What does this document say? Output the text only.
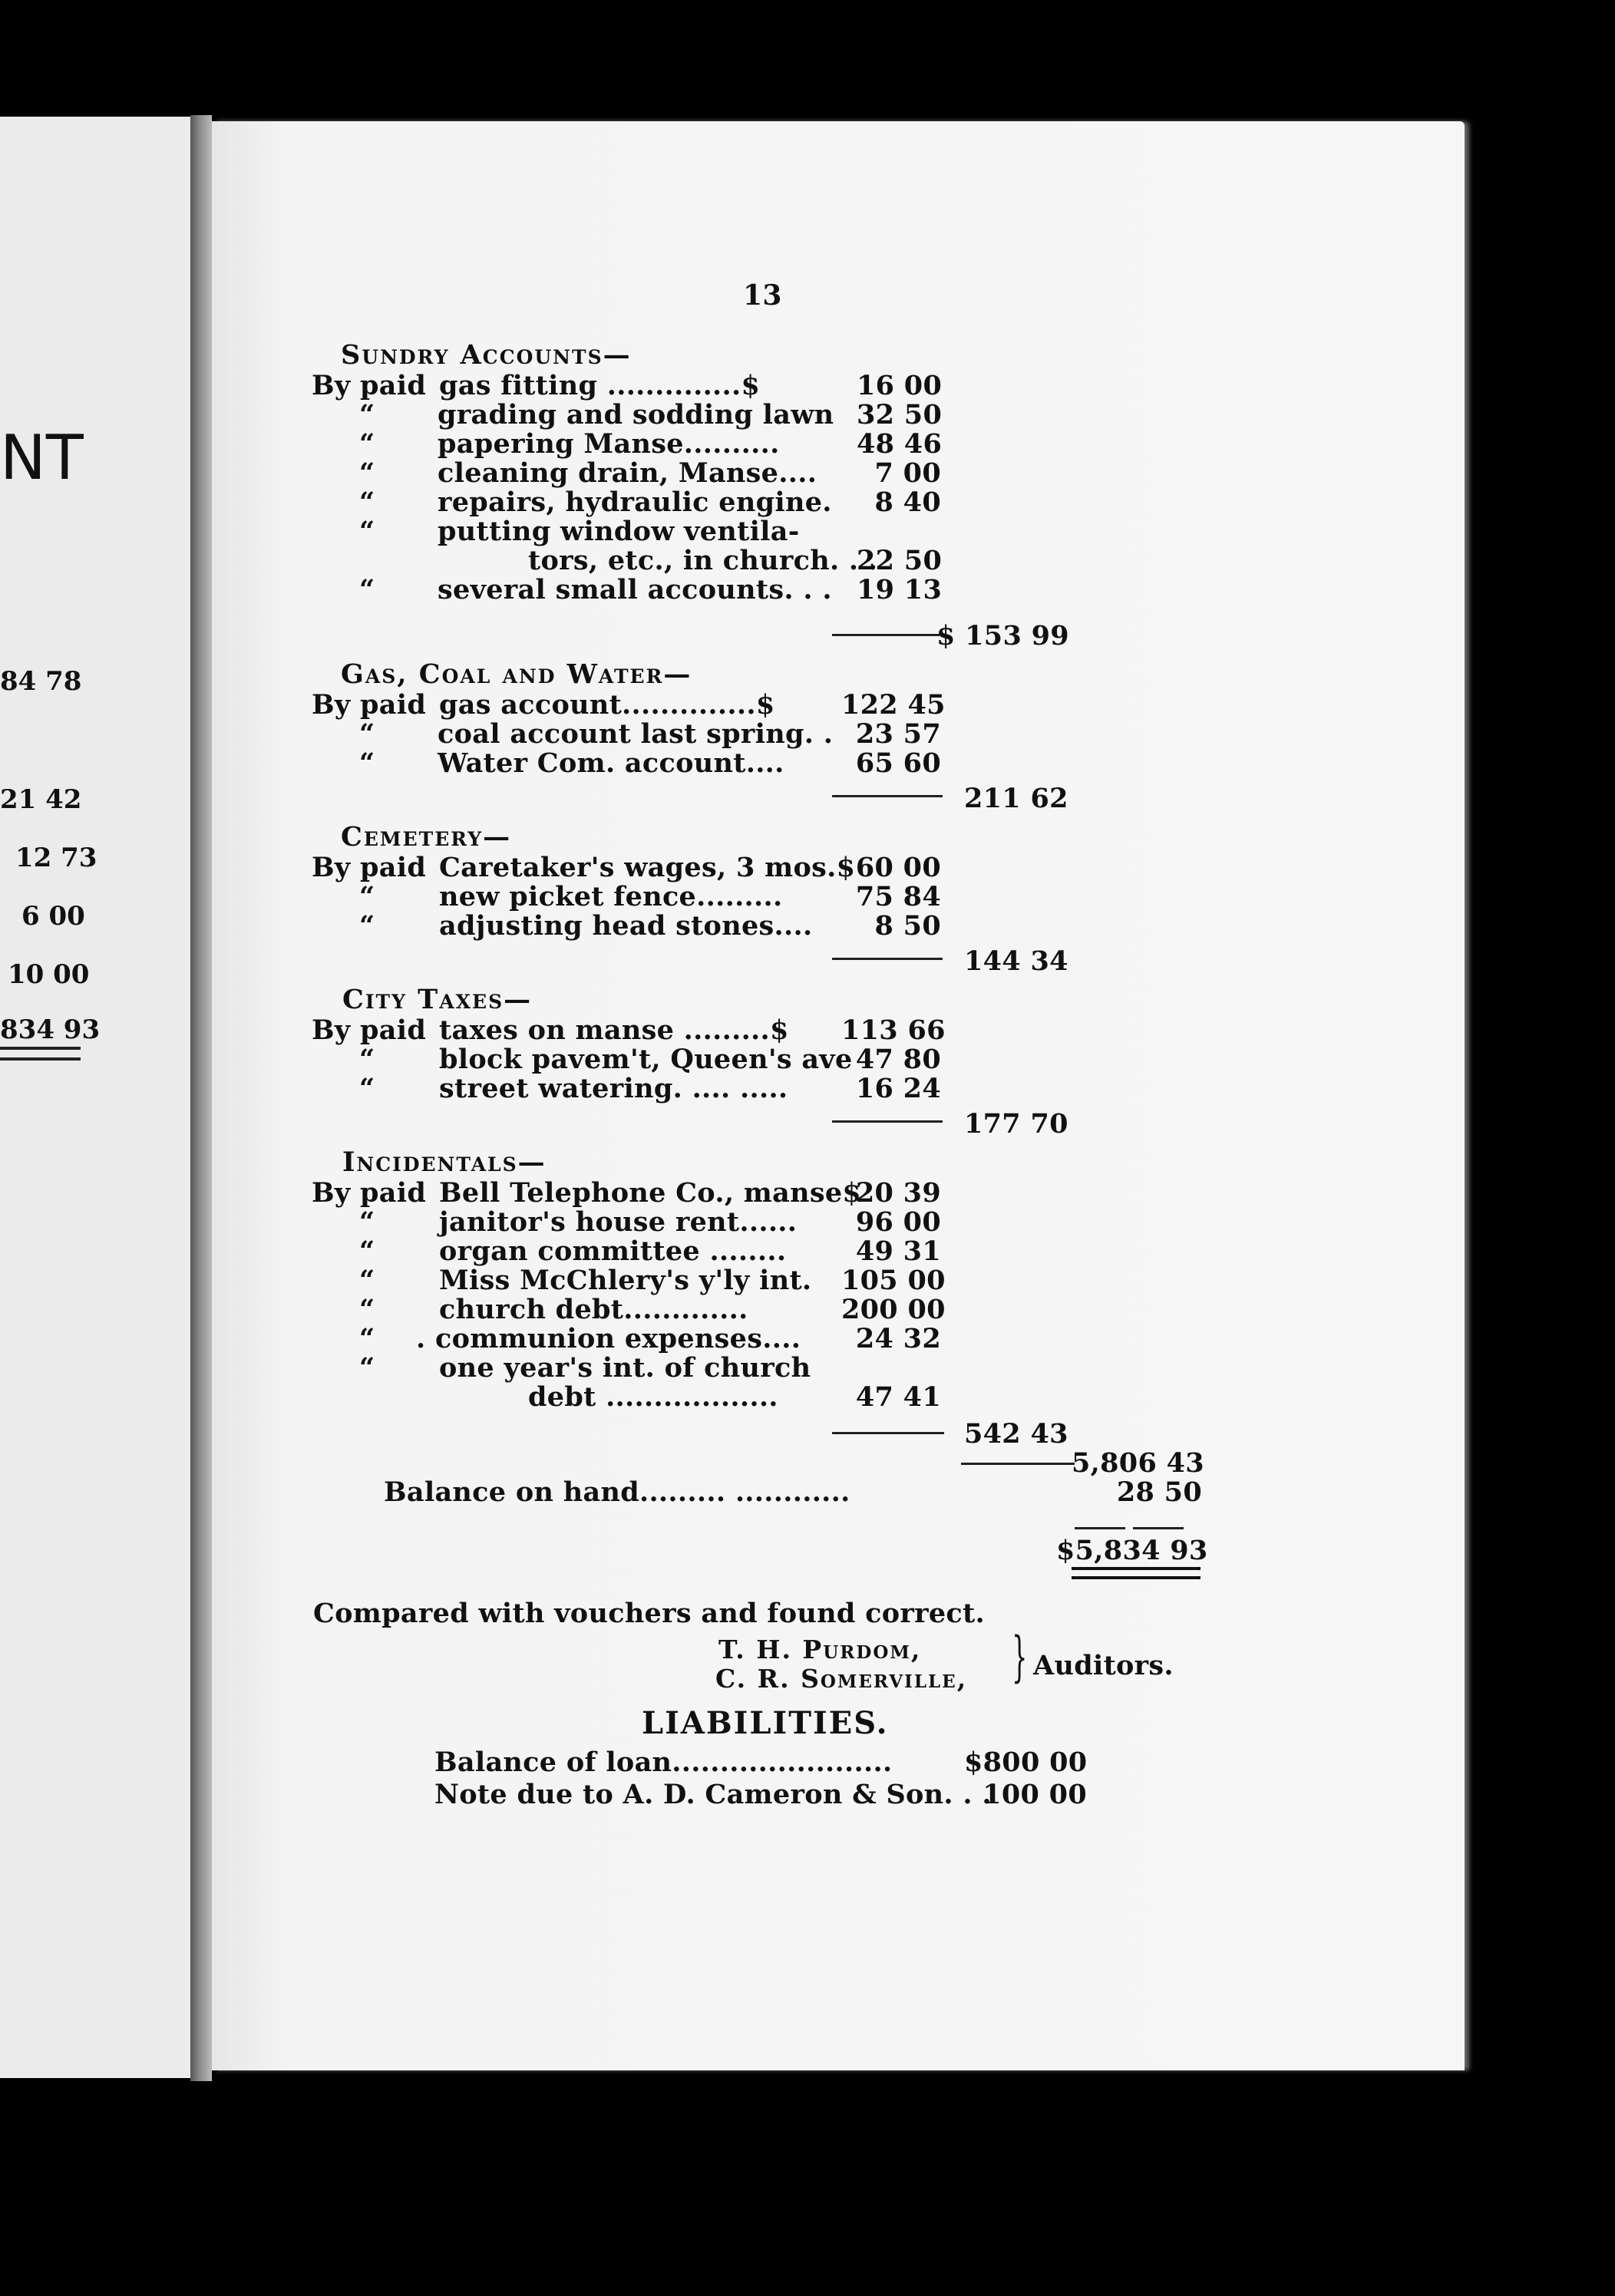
NT
84 78
21 42
12 73
6 00
10 00
834 93
13
Sundry Accounts—
By paid gas fitting ..............$	16 00
“ grading and sodding lawn 32 50
“ papering Manse..........	48 46
“ cleaning drain, Manse....	7 00
“ repairs, hydraulic engine.	8 40
“ putting window ventila-
tors, etc., in church. . .
22 50
“ several small accounts. . . 19 13
$ 153 99
Gas, Coal and Water—
By paid gas account..............$ 122 45
“ coal account last spring. . 23 57
“ Water Com. account....	65 60
211 62
Cemetery—
By paid Caretaker's wages, 3 mos.$ 60 00
“ new picket fence.........	75 84
“ adjusting head stones....	8 50
144 34
City Taxes—
By paid taxes on manse .........$ 113 66
“ block pavem't, Queen's ave 47 80
“ street watering. .... .....	16 24
177 70
Incidentals—
By paid Bell Telephone Co., manse$
20 39
“ janitor's house rent......	96 00
“ organ committee ........	49 31
“ Miss McChlery's y'ly int. 105 00
“ church debt.............	200 00
“ . communion expenses....	24 32
“ one year's int. of church
debt ..................	47 41
542 43
5,806 43
Balance on hand......... ............	28 50
$5,834 93
Compared with vouchers and found correct.
T. H. Purdom,
C. R. Somerville, } Auditors.
LIABILITIES.
Balance of loan.......................	$800 00
Note due to A. D. Cameron & Son. . .
100 00
